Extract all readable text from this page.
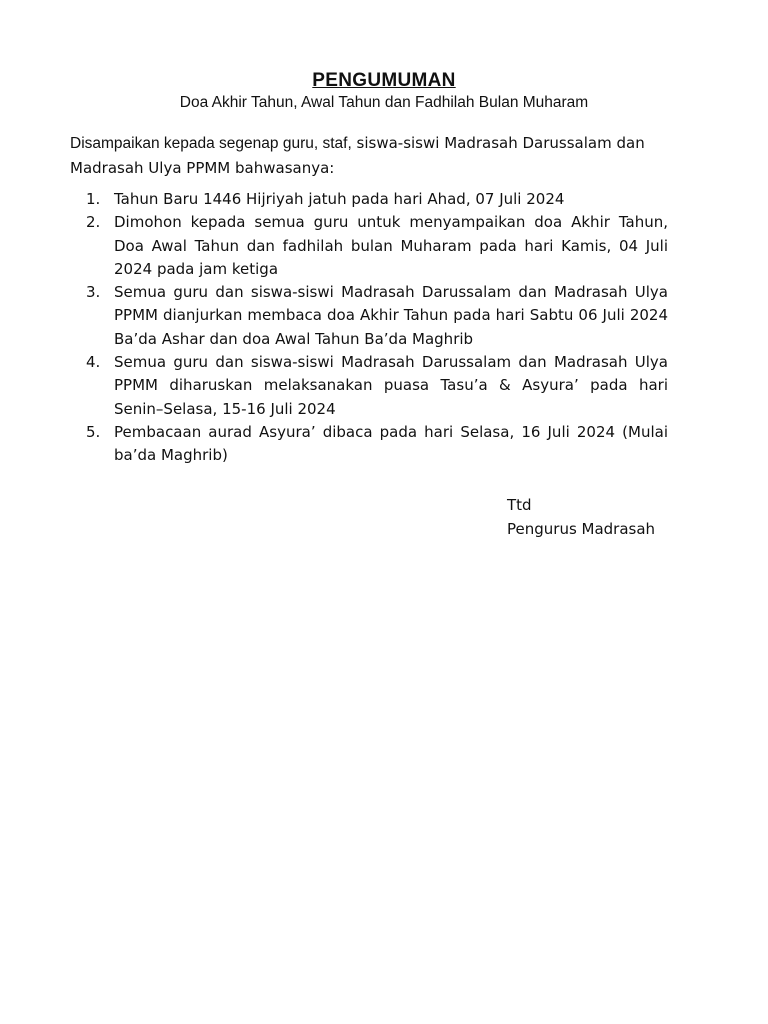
PENGUMUMAN
Doa Akhir Tahun, Awal Tahun dan Fadhilah Bulan Muharam
Disampaikan kepada segenap guru, staf, siswa-siswi Madrasah Darussalam dan Madrasah Ulya PPMM bahwasanya:
1. Tahun Baru 1446 Hijriyah jatuh pada hari Ahad, 07 Juli 2024
2. Dimohon kepada semua guru untuk menyampaikan doa Akhir Tahun, Doa Awal Tahun dan fadhilah bulan Muharam pada hari Kamis, 04 Juli 2024 pada jam ketiga
3. Semua guru dan siswa-siswi Madrasah Darussalam dan Madrasah Ulya PPMM dianjurkan membaca doa Akhir Tahun pada hari Sabtu 06 Juli 2024 Ba’da Ashar dan doa Awal Tahun Ba’da Maghrib
4. Semua guru dan siswa-siswi Madrasah Darussalam dan Madrasah Ulya PPMM diharuskan melaksanakan puasa Tasu’a & Asyura’ pada hari Senin–Selasa, 15-16 Juli 2024
5. Pembacaan aurad Asyura’ dibaca pada hari Selasa, 16 Juli 2024 (Mulai ba’da Maghrib)
Ttd
Pengurus Madrasah
